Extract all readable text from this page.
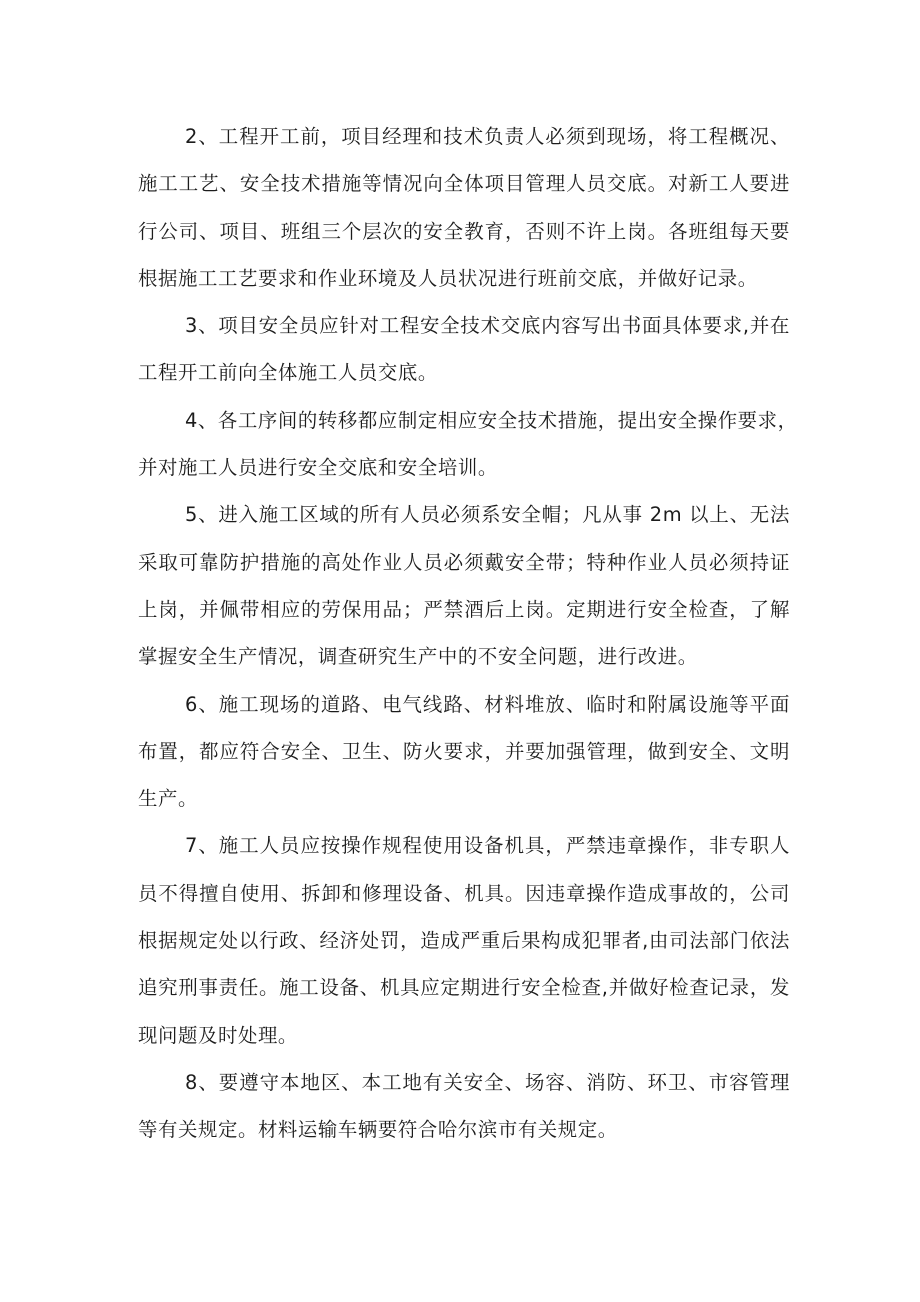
2、工程开工前，项目经理和技术负责人必须到现场，将工程概况、
施工工艺、安全技术措施等情况向全体项目管理人员交底。对新工人要进
行公司、项目、班组三个层次的安全教育，否则不许上岗。各班组每天要
根据施工工艺要求和作业环境及人员状况进行班前交底，并做好记录。
3、项目安全员应针对工程安全技术交底内容写出书面具体要求,并在
工程开工前向全体施工人员交底。
4、各工序间的转移都应制定相应安全技术措施，提出安全操作要求，
并对施工人员进行安全交底和安全培训。
5、进入施工区域的所有人员必须系安全帽；凡从事 2m 以上、无法
采取可靠防护措施的高处作业人员必须戴安全带；特种作业人员必须持证
上岗，并佩带相应的劳保用品；严禁酒后上岗。定期进行安全检查，了解
掌握安全生产情况，调查研究生产中的不安全问题，进行改进。
6、施工现场的道路、电气线路、材料堆放、临时和附属设施等平面
布置，都应符合安全、卫生、防火要求，并要加强管理，做到安全、文明
生产。
7、施工人员应按操作规程使用设备机具，严禁违章操作，非专职人
员不得擅自使用、拆卸和修理设备、机具。因违章操作造成事故的，公司
根据规定处以行政、经济处罚，造成严重后果构成犯罪者,由司法部门依法
追究刑事责任。施工设备、机具应定期进行安全检查,并做好检查记录，发
现问题及时处理。
8、要遵守本地区、本工地有关安全、场容、消防、环卫、市容管理
等有关规定。材料运输车辆要符合哈尔滨市有关规定。
